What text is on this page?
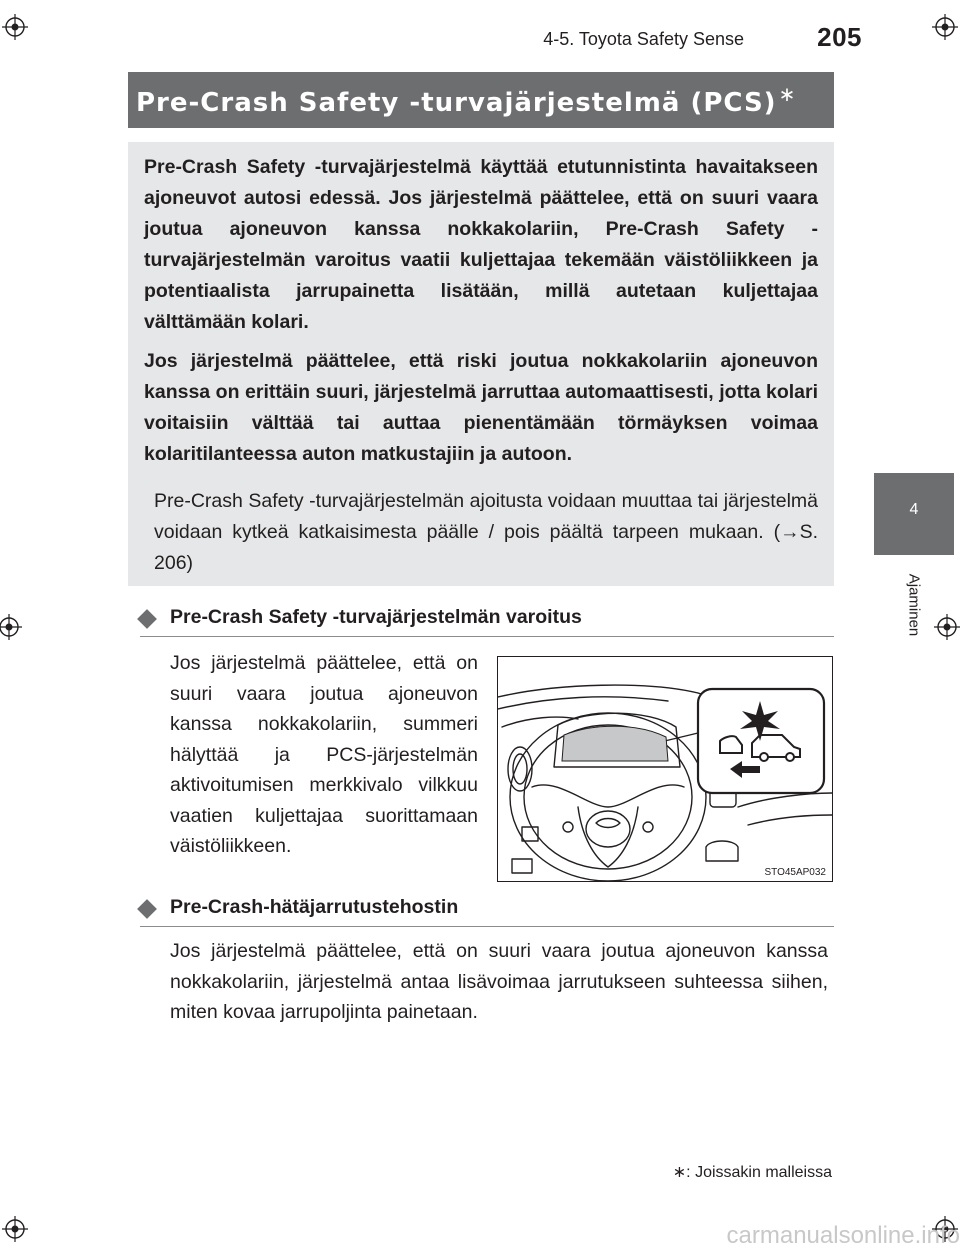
4-5. Toyota Safety Sense	205
4
Ajaminen
Pre-Crash Safety -turvajärjestelmä (PCS) ∗
Pre-Crash Safety -turvajärjestelmä käyttää etutunnistinta havaitakseen ajoneuvot autosi edessä. Jos järjestelmä päättelee, että on suuri vaara joutua ajoneuvon kanssa nokkakolariin, Pre-Crash Safety -turvajärjestelmän varoitus vaatii kuljettajaa tekemään väistöliikkeen ja potentiaalista jarrupainetta lisätään, millä autetaan kuljettajaa välttämään kolari.
Jos järjestelmä päättelee, että riski joutua nokkakolariin ajoneuvon kanssa on erittäin suuri, järjestelmä jarruttaa automaattisesti, jotta kolari voitaisiin välttää tai auttaa pienentämään törmäyksen voimaa kolaritilanteessa auton matkustajiin ja autoon.
Pre-Crash Safety -turvajärjestelmän ajoitusta voidaan muuttaa tai järjestelmä voidaan kytkeä katkaisimesta päälle / pois päältä tarpeen mukaan. (→S. 206)
Pre-Crash Safety -turvajärjestelmän varoitus
Jos järjestelmä päättelee, että on suuri vaara joutua ajoneuvon kanssa nokkakolariin, summeri hälyttää ja PCS-järjestelmän aktivoitumisen merkkivalo vilkkuu vaatien kuljettajaa suorittamaan väistöliikkeen.
STO45AP032
Pre-Crash-hätäjarrutustehostin
Jos järjestelmä päättelee, että on suuri vaara joutua ajoneuvon kanssa nokkakolariin, järjestelmä antaa lisävoimaa jarrutukseen suhteessa siihen, miten kovaa jarrupoljinta painetaan.
∗: Joissakin malleissa
carmanualsonline.info
